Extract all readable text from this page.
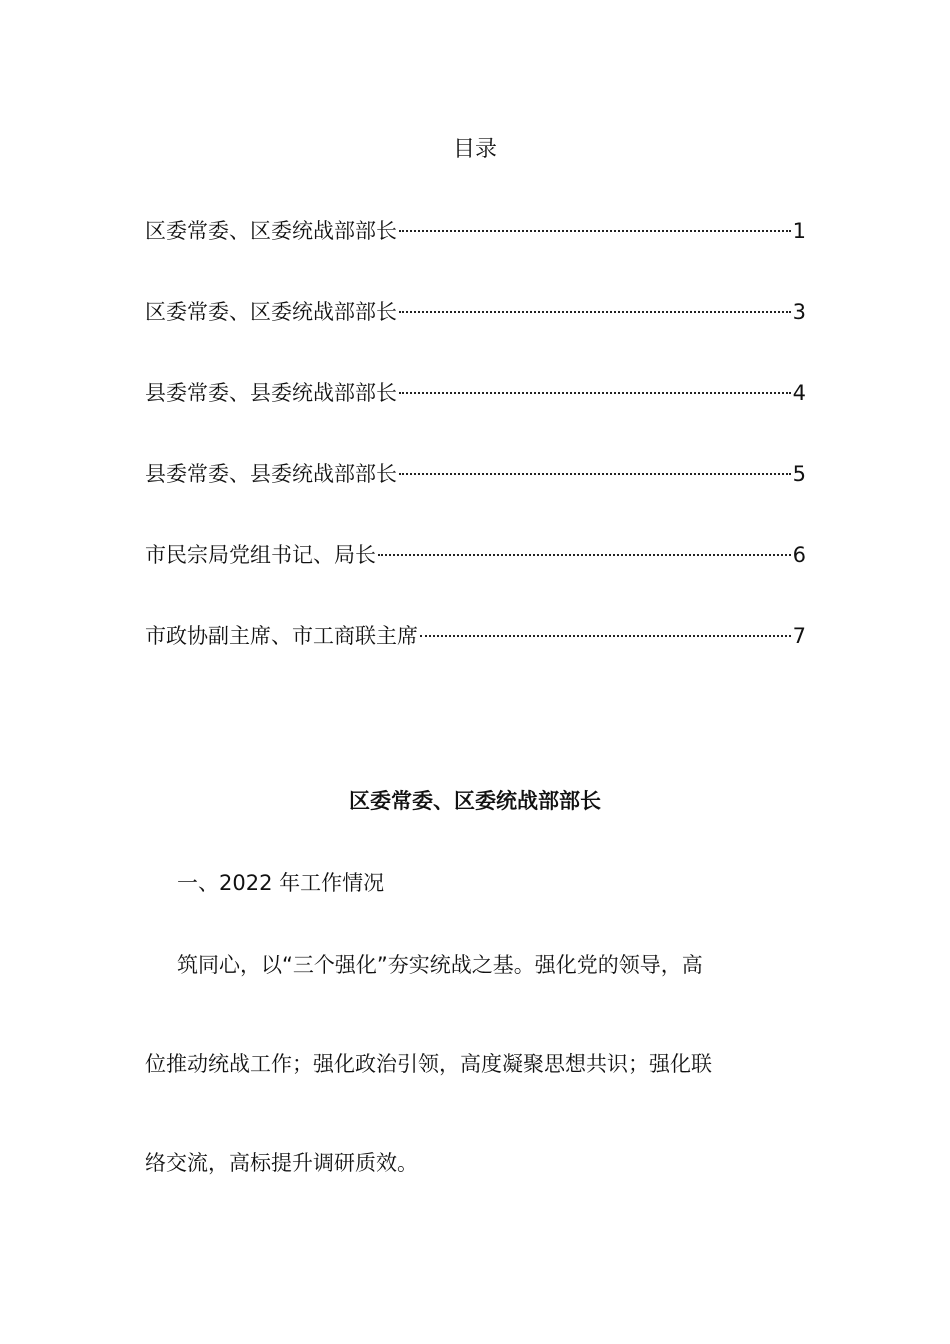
目录
区委常委、区委统战部部长	1
区委常委、区委统战部部长	3
县委常委、县委统战部部长	4
县委常委、县委统战部部长	5
市民宗局党组书记、局长	6
市政协副主席、市工商联主席	7
区委常委、区委统战部部长
一、2022 年工作情况
筑同心，以“三个强化”夯实统战之基。强化党的领导，高
位推动统战工作；强化政治引领，高度凝聚思想共识；强化联
络交流，高标提升调研质效。
